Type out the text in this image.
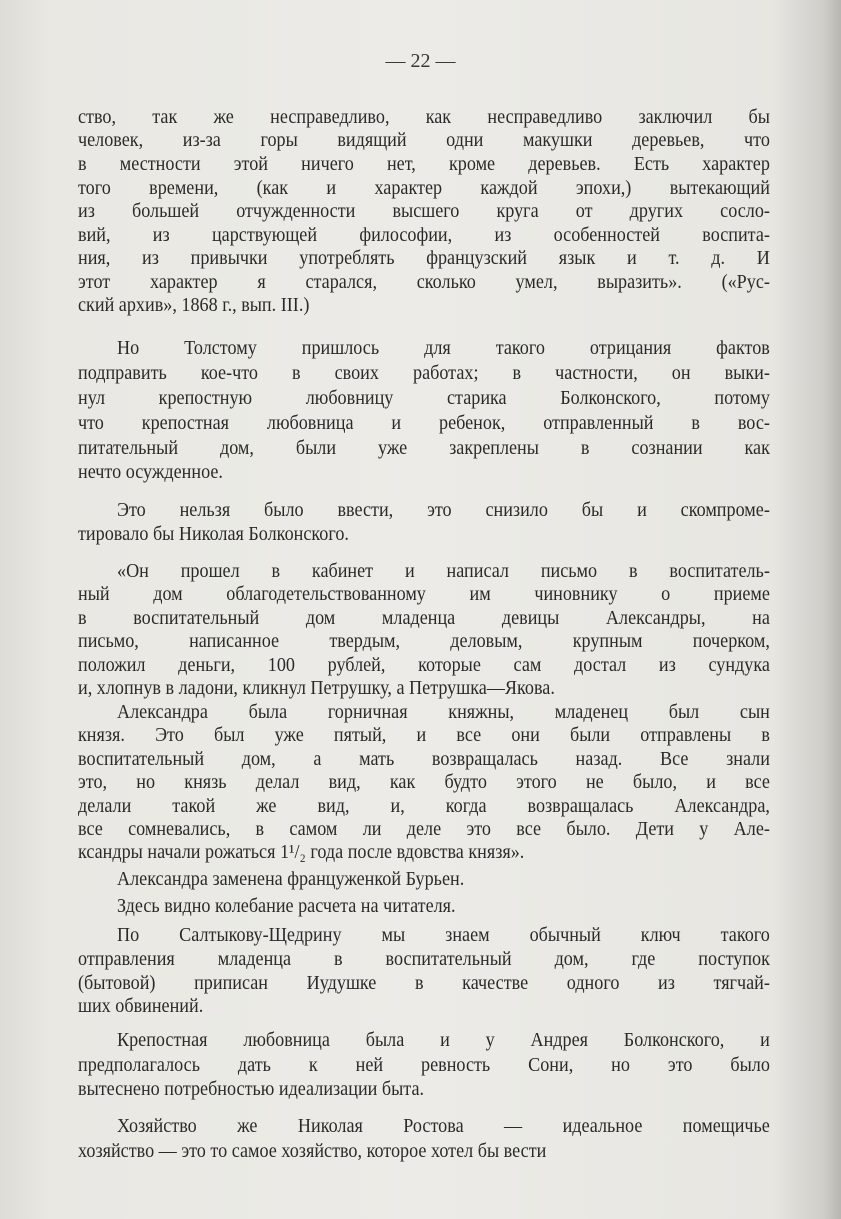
— 22 —
ство, так же несправедливо, как несправедливо заключил бы
человек, из-за горы видящий одни макушки деревьев, что
в местности этой ничего нет, кроме деревьев. Есть характер
того времени, (как и характер каждой эпохи,) вытекающий
из большей отчужденности высшего круга от других сосло-
вий, из царствующей философии, из особенностей воспита-
ния, из привычки употреблять французский язык и т. д. И
этот характер я старался, сколько умел, выразить». («Рус-
ский архив», 1868 г., вып. III.)
Но Толстому пришлось для такого отрицания фактов
подправить кое-что в своих работах; в частности, он выки-
нул крепостную любовницу старика Болконского, потому
что крепостная любовница и ребенок, отправленный в вос-
питательный дом, были уже закреплены в сознании как
нечто осужденное.
Это нельзя было ввести, это снизило бы и скомпроме-
тировало бы Николая Болконского.
«Он прошел в кабинет и написал письмо в воспитатель-
ный дом облагодетельствованному им чиновнику о приеме
в воспитательный дом младенца девицы Александры, на
письмо, написанное твердым, деловым, крупным почерком,
положил деньги, 100 рублей, которые сам достал из сундука
и, хлопнув в ладони, кликнул Петрушку, а Петрушка—Якова.
Александра была горничная княжны, младенец был сын
князя. Это был уже пятый, и все они были отправлены в
воспитательный дом, а мать возвращалась назад. Все знали
это, но князь делал вид, как будто этого не было, и все
делали такой же вид, и, когда возвращалась Александра,
все сомневались, в самом ли деле это все было. Дети у Але-
ксандры начали рожаться 1¹/₂ года после вдовства князя».
Александра заменена француженкой Бурьен.
Здесь видно колебание расчета на читателя.
По Салтыкову-Щедрину мы знаем обычный ключ такого
отправления младенца в воспитательный дом, где поступок
(бытовой) приписан Иудушке в качестве одного из тягчай-
ших обвинений.
Крепостная любовница была и у Андрея Болконского, и
предполагалось дать к ней ревность Сони, но это было
вытеснено потребностью идеализации быта.
Хозяйство же Николая Ростова — идеальное помещичье
хозяйство — это то самое хозяйство, которое хотел бы вести
